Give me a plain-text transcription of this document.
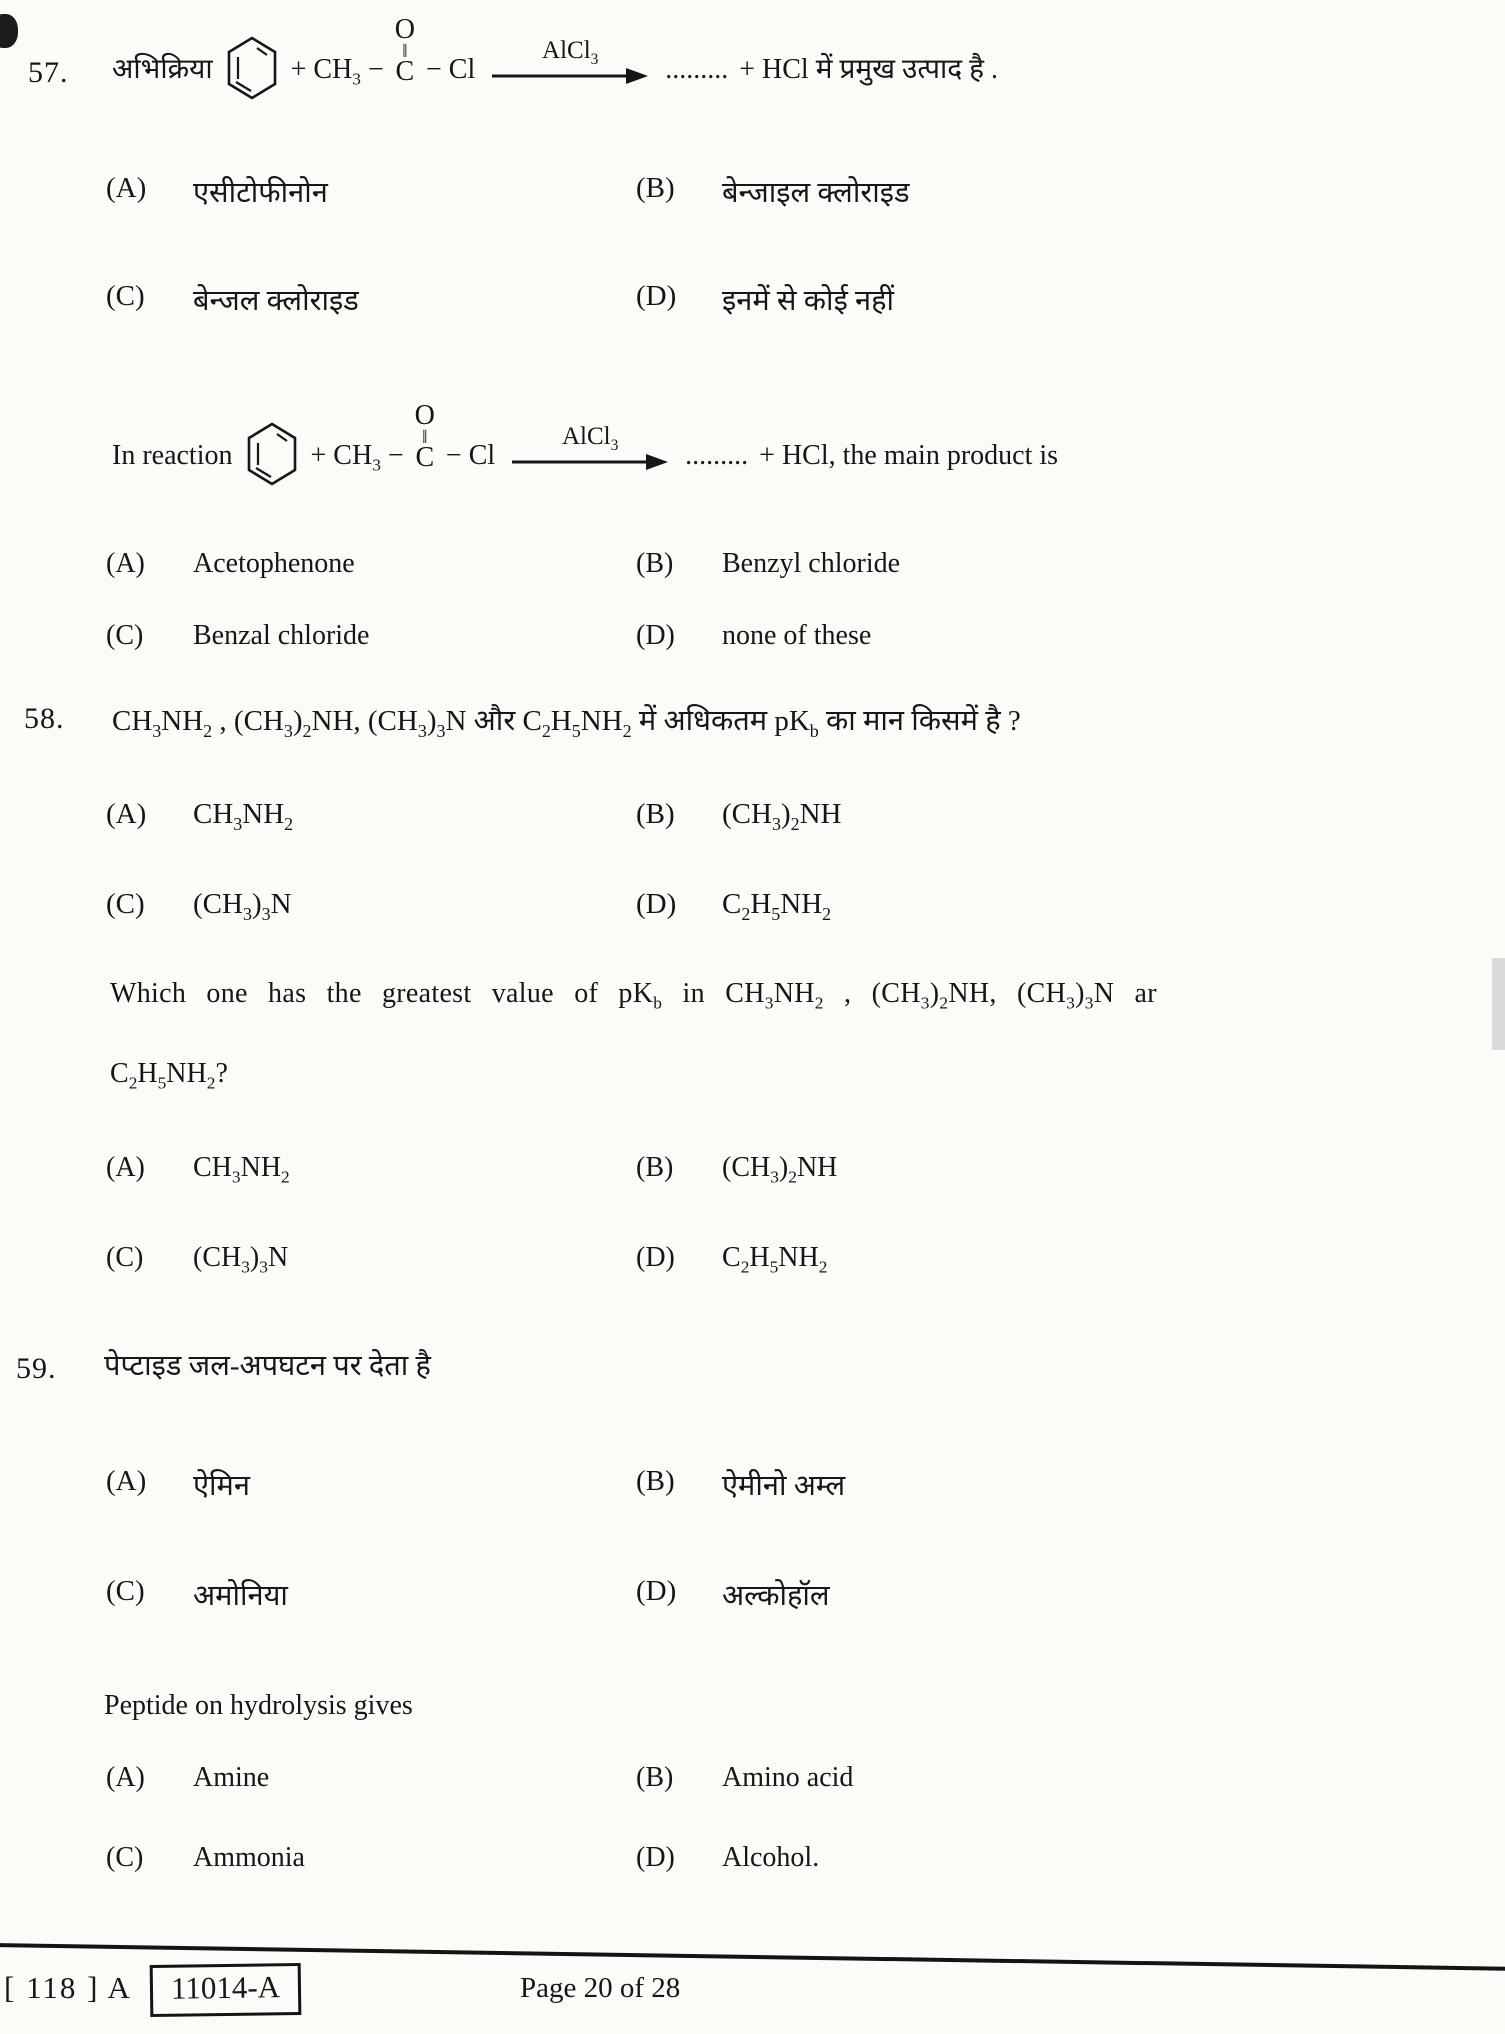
57. अभिक्रिया	+ $CH_3$ −
O
‖
C − Cl
AlCl$_3$ ......... + HCl में प्रमुख उत्पाद है .
(A) एसीटोफीनोन	(B) बेन्जाइल क्लोराइड
(C) बेन्जल क्लोराइड	(D) इनमें से कोई नहीं
In reaction	+ $CH_3$ −
O
‖
C − Cl
AlCl$_3$ ......... + HCl, the main product is
(A) Acetophenone	(B) Benzyl chloride
(C) Benzal chloride	(D) none of these
58. $CH_3NH_2$ , $(CH_3)_2NH$, $(CH_3)_3N$ और $C_2H_5NH_2$ में अधिकतम $pK_b$ का मान किसमें है ?
(A) $CH_3NH_2$	(B) $(CH_3)_2NH$
(C) $(CH_3)_3N$	(D) $C_2H_5NH_2$
Which one has the greatest value of $pK_b$ in $CH_3NH_2$ , $(CH_3)_2NH$, $(CH_3)_3N$ ar
$C_2H_5NH_2$?
(A) $CH_3NH_2$	(B) $(CH_3)_2NH$
(C) $(CH_3)_3N$	(D) $C_2H_5NH_2$
59. पेप्टाइड जल-अपघटन पर देता है
(A) ऐमिन	(B) ऐमीनो अम्ल
(C) अमोनिया	(D) अल्कोहॉल
Peptide on hydrolysis gives
(A) Amine	(B) Amino acid
(C) Ammonia	(D) Alcohol.
[ 118 ] A	11014-A	Page 20 of 28
